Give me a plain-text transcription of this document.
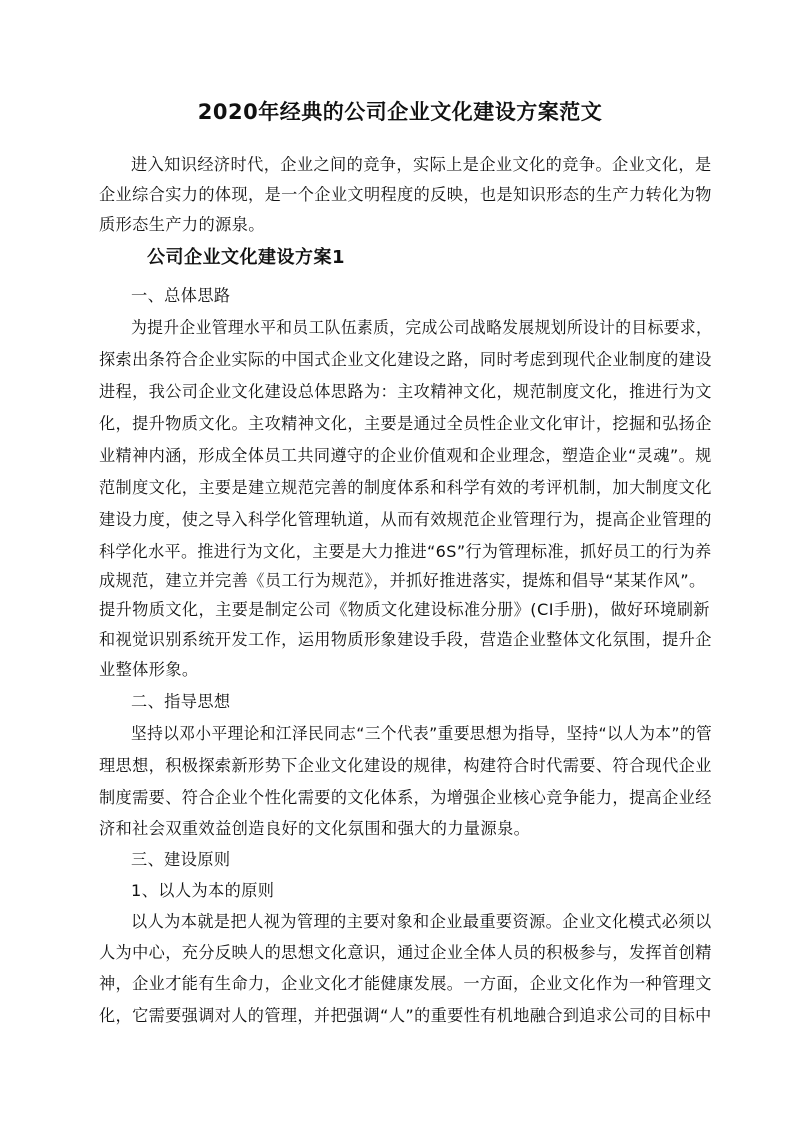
2020年经典的公司企业文化建设方案范文
进入知识经济时代，企业之间的竞争，实际上是企业文化的竞争。企业文化，是
企业综合实力的体现，是一个企业文明程度的反映，也是知识形态的生产力转化为物
质形态生产力的源泉。
公司企业文化建设方案1
一、总体思路
为提升企业管理水平和员工队伍素质，完成公司战略发展规划所设计的目标要求，
探索出条符合企业实际的中国式企业文化建设之路，同时考虑到现代企业制度的建设
进程，我公司企业文化建设总体思路为：主攻精神文化，规范制度文化，推进行为文
化，提升物质文化。主攻精神文化，主要是通过全员性企业文化审计，挖掘和弘扬企
业精神内涵，形成全体员工共同遵守的企业价值观和企业理念，塑造企业“灵魂”。规
范制度文化，主要是建立规范完善的制度体系和科学有效的考评机制，加大制度文化
建设力度，使之导入科学化管理轨道，从而有效规范企业管理行为，提高企业管理的
科学化水平。推进行为文化，主要是大力推进“6S”行为管理标准，抓好员工的行为养
成规范，建立并完善《员工行为规范》，并抓好推进落实，提炼和倡导“某某作风”。
提升物质文化，主要是制定公司《物质文化建设标准分册》(CI手册)，做好环境刷新
和视觉识别系统开发工作，运用物质形象建设手段，营造企业整体文化氛围，提升企
业整体形象。
二、指导思想
坚持以邓小平理论和江泽民同志“三个代表”重要思想为指导，坚持“以人为本”的管
理思想，积极探索新形势下企业文化建设的规律，构建符合时代需要、符合现代企业
制度需要、符合企业个性化需要的文化体系，为增强企业核心竞争能力，提高企业经
济和社会双重效益创造良好的文化氛围和强大的力量源泉。
三、建设原则
1、以人为本的原则
以人为本就是把人视为管理的主要对象和企业最重要资源。企业文化模式必须以
人为中心，充分反映人的思想文化意识，通过企业全体人员的积极参与，发挥首创精
神，企业才能有生命力，企业文化才能健康发展。一方面，企业文化作为一种管理文
化，它需要强调对人的管理，并把强调“人”的重要性有机地融合到追求公司的目标中
